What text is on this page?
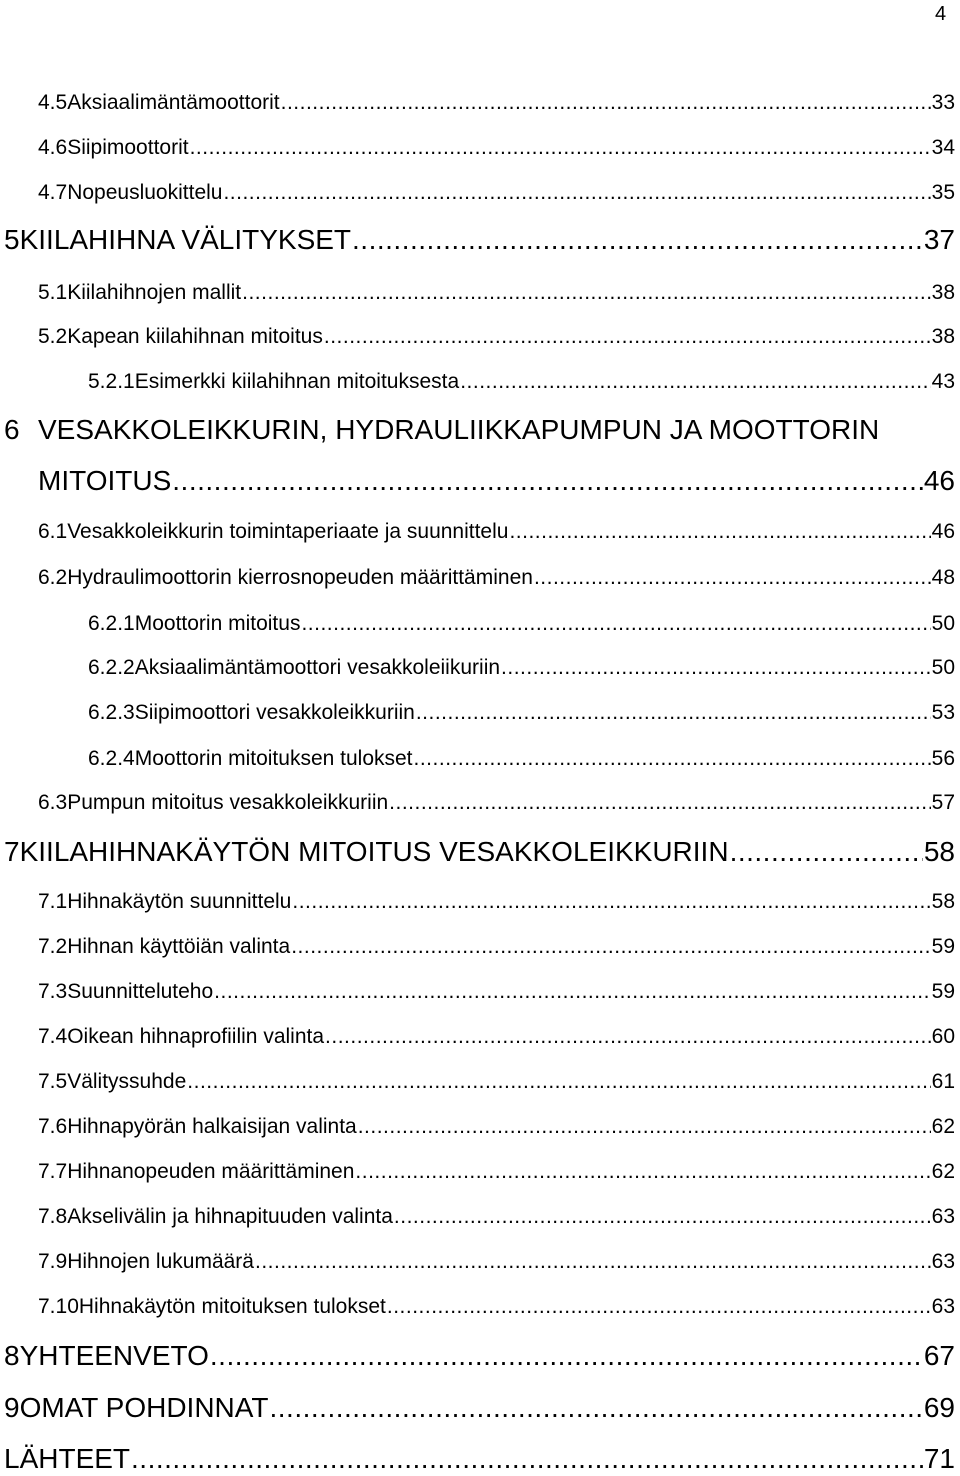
4
4.5 Aksiaalimäntämoottorit .....	33
4.6 Siipimoottorit .....	34
4.7 Nopeusluokittelu .....	35
5 KIILAHIHNA VÄLITYKSET .....	37
5.1 Kiilahihnojen mallit .....	38
5.2 Kapean kiilahihnan mitoitus .....	38
5.2.1 Esimerkki kiilahihnan mitoituksesta .....	43
6 VESAKKOLEIKKURIN, HYDRAULIIKKAPUMPUN JA MOOTTORIN
MITOITUS .....	46
6.1 Vesakkoleikkurin toimintaperiaate ja suunnittelu .....	46
6.2 Hydraulimoottorin kierrosnopeuden määrittäminen .....	48
6.2.1 Moottorin mitoitus .....	50
6.2.2 Aksiaalimäntämoottori vesakkoleiikuriin .....	50
6.2.3 Siipimoottori vesakkoleikkuriin .....	53
6.2.4 Moottorin mitoituksen tulokset .....	56
6.3 Pumpun mitoitus vesakkoleikkuriin .....	57
7 KIILAHIHNAKÄYTÖN MITOITUS VESAKKOLEIKKURIIN .....	58
7.1 Hihnakäytön suunnittelu .....	58
7.2 Hihnan käyttöiän valinta .....	59
7.3 Suunnitteluteho .....	59
7.4 Oikean hihnaprofiilin valinta .....	60
7.5 Välityssuhde .....	61
7.6 Hihnapyörän halkaisijan valinta .....	62
7.7 Hihnanopeuden määrittäminen .....	62
7.8 Akselivälin ja hihnapituuden valinta .....	63
7.9 Hihnojen lukumäärä .....	63
7.10 Hihnakäytön mitoituksen tulokset .....	63
8 YHTEENVETO .....	67
9 OMAT POHDINNAT .....	69
LÄHTEET .....	71
